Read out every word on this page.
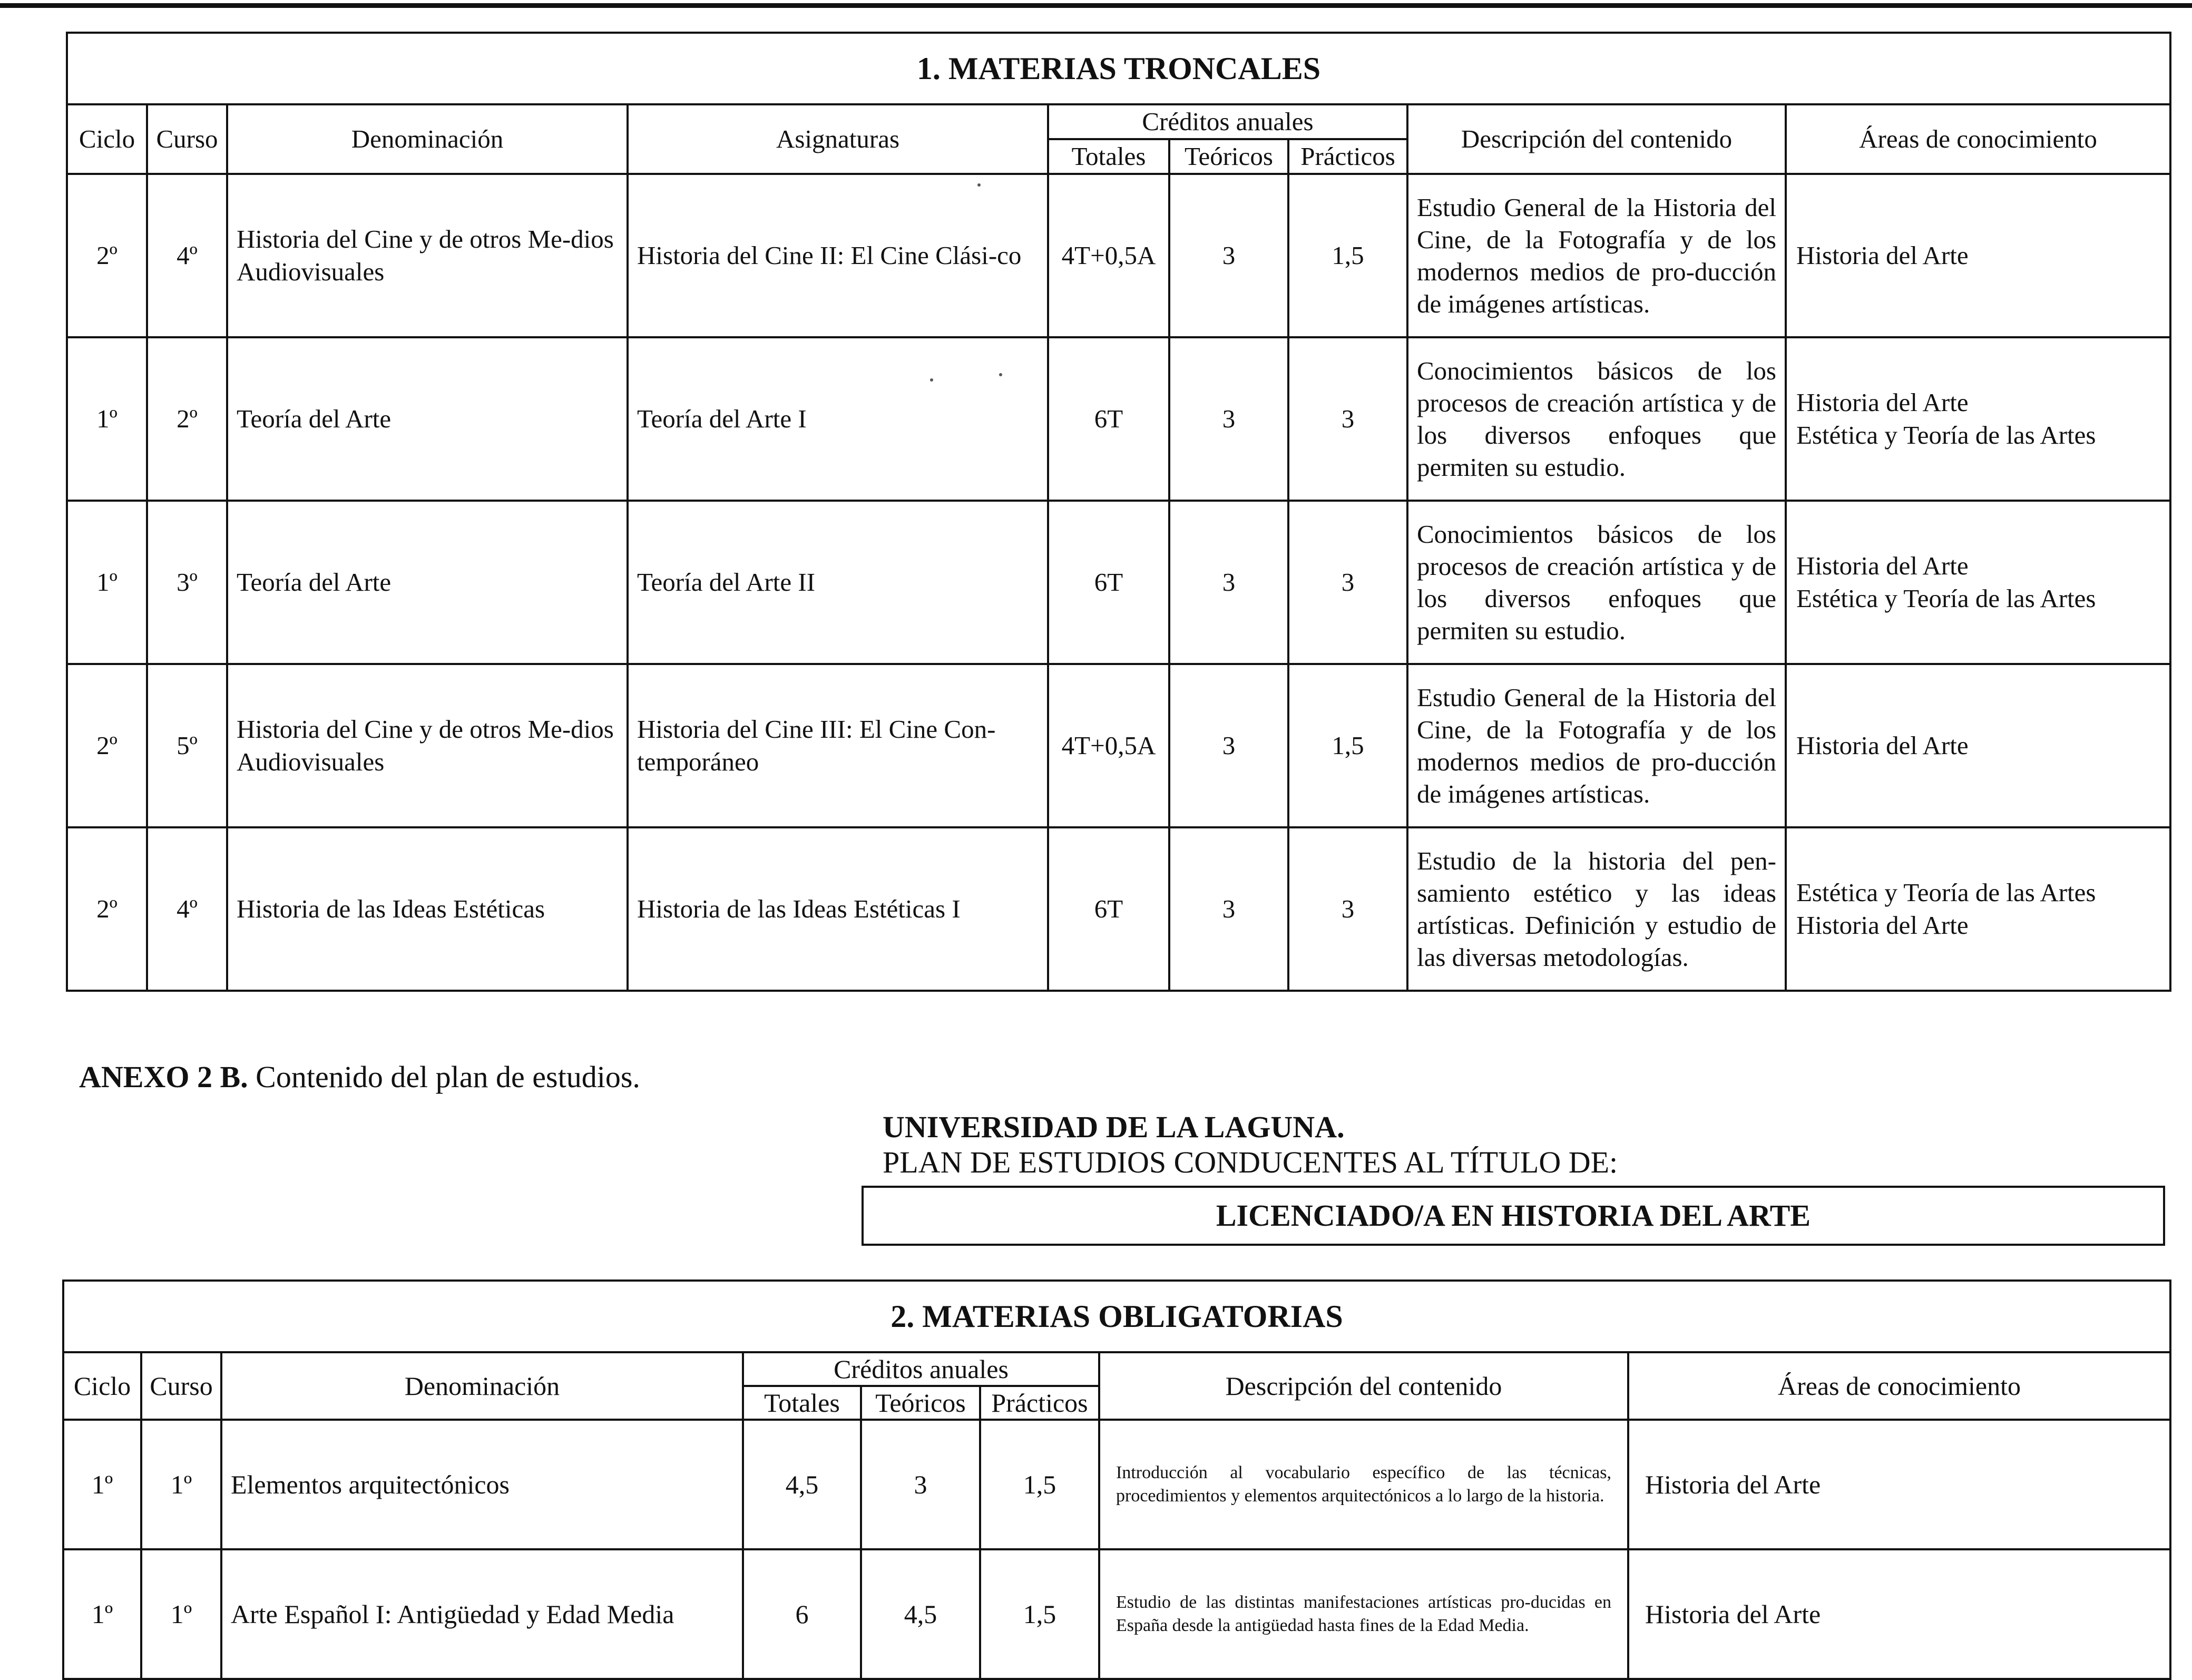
1. MATERIAS TRONCALES								
Ciclo	Curso	Denominación	Asignaturas	Créditos anuales			Descripción del contenido	Áreas de conocimiento
				Totales	Teóricos	Prácticos		
2º	4º	Historia del Cine y de otros Me-dios Audiovisuales	Historia del Cine II: El Cine Clási-co	4T+0,5A	3	1,5	Estudio General de la Historia del Cine, de la Fotografía y de los modernos medios de pro-ducción de imágenes artísticas.	Historia del Arte

1º	2º	Teoría del Arte	Teoría del Arte I	6T	3	3	Conocimientos básicos de los procesos de creación artística y de los diversos enfoques que permiten su estudio.	Historia del Arte
Estética y Teoría de las Artes

1º	3º	Teoría del Arte	Teoría del Arte II	6T	3	3	Conocimientos básicos de los procesos de creación artística y de los diversos enfoques que permiten su estudio.	Historia del Arte
Estética y Teoría de las Artes

2º	5º	Historia del Cine y de otros Me-dios Audiovisuales	Historia del Cine III: El Cine Con-temporáneo	4T+0,5A	3	1,5	Estudio General de la Historia del Cine, de la Fotografía y de los modernos medios de pro-ducción de imágenes artísticas.	Historia del Arte

2º	4º	Historia de las Ideas Estéticas	Historia de las Ideas Estéticas I	6T	3	3	Estudio de la historia del pen-samiento estético y las ideas artísticas. Definición y estudio de las diversas metodologías.	Estética y Teoría de las Artes
Historia del Arte
ANEXO 2 B. Contenido del plan de estudios.
UNIVERSIDAD DE LA LAGUNA.
PLAN DE ESTUDIOS CONDUCENTES AL TÍTULO DE:
LICENCIADO/A EN HISTORIA DEL ARTE
2. MATERIAS OBLIGATORIAS							
Ciclo	Curso	Denominación	Créditos anuales			Descripción del contenido	Áreas de conocimiento
			Totales	Teóricos	Prácticos		
1º	1º	Elementos arquitectónicos	4,5	3	1,5	Introducción al vocabulario específico de las técnicas, procedimientos y elementos arquitectónicos a lo largo de la historia.	Historia del Arte
1º	1º	Arte Español I: Antigüedad y Edad Media	6	4,5	1,5	Estudio de las distintas manifestaciones artísticas pro-ducidas en España desde la antigüedad hasta fines de la Edad Media.	Historia del Arte
